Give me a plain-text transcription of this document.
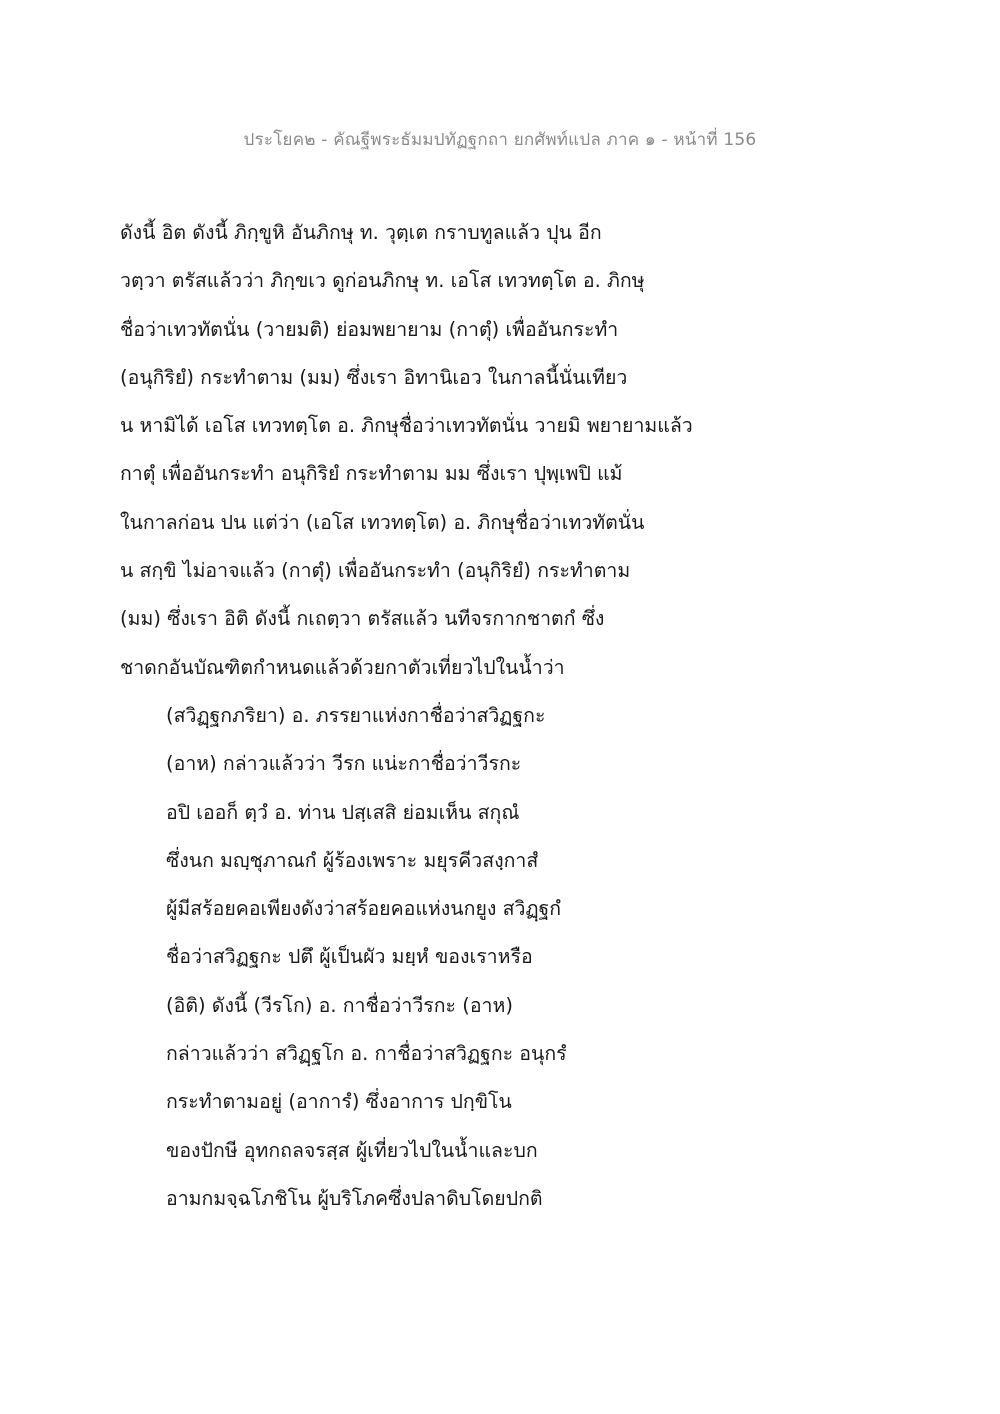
ประโยค๒ - คัณฐีพระธัมมปทัฏฐกถา ยกศัพท์แปล ภาค ๑ - หน้าที่ 156
ดังนี้ อิต ดังนี้ ภิกฺขูหิ อันภิกษุ ท. วุตฺเต กราบทูลแล้ว ปุน อีก
วตฺวา ตรัสแล้วว่า ภิกฺขเว ดูก่อนภิกษุ ท. เอโส เทวทตฺโต อ. ภิกษุ
ชื่อว่าเทวทัตนั่น (วายมติ) ย่อมพยายาม (กาตุํ) เพื่ออันกระทำ
(อนุกิริยํ) กระทำตาม (มม) ซึ่งเรา อิทานิเอว ในกาลนี้นั่นเทียว
น หามิได้ เอโส เทวทตฺโต อ. ภิกษุชื่อว่าเทวทัตนั่น วายมิ พยายามแล้ว
กาตุํ เพื่ออันกระทำ อนุกิริยํ กระทำตาม มม ซึ่งเรา ปุพฺเพปิ แม้
ในกาลก่อน ปน แต่ว่า (เอโส เทวทตฺโต) อ. ภิกษุชื่อว่าเทวทัตนั่น
น สกฺขิ ไม่อาจแล้ว (กาตุํ) เพื่ออันกระทำ (อนุกิริยํ) กระทำตาม
(มม) ซึ่งเรา อิติ ดังนี้ กเถตฺวา ตรัสแล้ว นทีจรกากชาตกํ ซึ่ง
ชาดกอันบัณฑิตกำหนดแล้วด้วยกาตัวเที่ยวไปในน้ำว่า
(สวิฏฺฐกภริยา) อ. ภรรยาแห่งกาชื่อว่าสวิฏฐกะ
(อาห) กล่าวแล้วว่า วีรก แน่ะกาชื่อว่าวีรกะ
อปิ เออก็ ตฺวํ อ. ท่าน ปสฺเสสิ ย่อมเห็น สกุณํ
ซึ่งนก มญฺชุภาณกํ ผู้ร้องเพราะ มยุรคีวสงฺกาสํ
ผู้มีสร้อยคอเพียงดังว่าสร้อยคอแห่งนกยูง สวิฏฺฐกํ
ชื่อว่าสวิฏฐกะ ปตึ ผู้เป็นผัว มยฺหํ ของเราหรือ
(อิติ) ดังนี้ (วีรโก) อ. กาชื่อว่าวีรกะ (อาห)
กล่าวแล้วว่า สวิฏฺฐโก อ. กาชื่อว่าสวิฏฐกะ อนุกรํ
กระทำตามอยู่ (อาการํ) ซึ่งอาการ ปกฺขิโน
ของปักษี อุทกถลจรสฺส ผู้เที่ยวไปในน้ำและบก
อามกมจฺฉโภชิโน ผู้บริโภคซึ่งปลาดิบโดยปกติ
